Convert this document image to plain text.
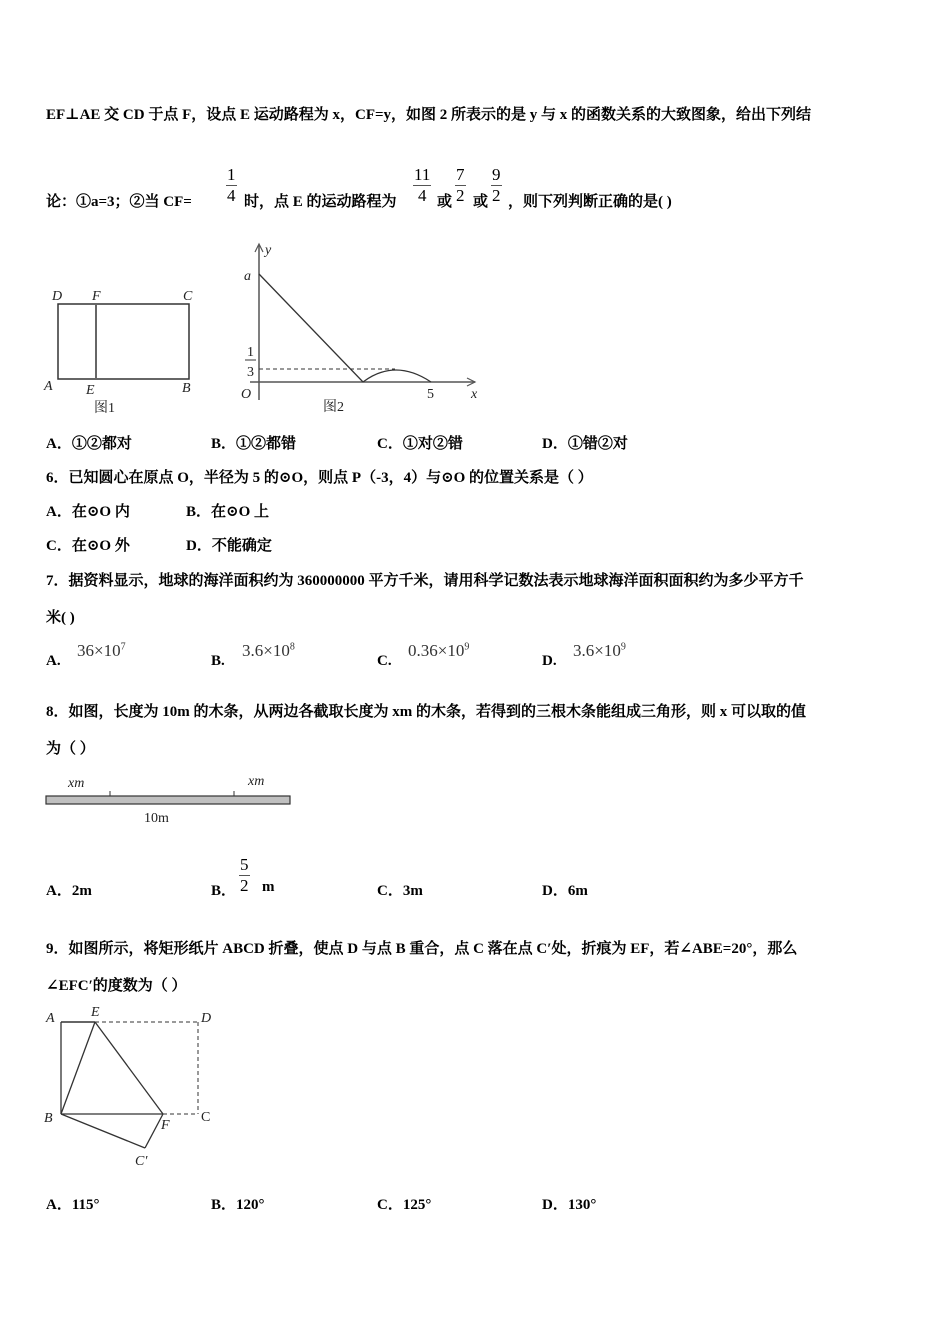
EF⊥AE 交 CD 于点 F，设点 E 运动路程为 x，CF=y，如图 2 所表示的是 y 与 x 的函数关系的大致图象，给出下列结
论：①a=3；②当 $CF= \frac{1}{4}$ 时，点 E 的运动路程为 $\frac{11}{4}$ 或 $\frac{7}{2}$ 或 $\frac{9}{2}$ ，则下列判断正确的是( )
D F	C
A E	B
图1
y
a
1
3
O	5	x
图2
A．①②都对	B．①②都错	C．①对②错	D．①错②对
6．已知圆心在原点 O，半径为 5 的⊙O，则点 P（-3，4）与⊙O 的位置关系是（ ）
A．在⊙O 内	B．在⊙O 上
C．在⊙O 外	D．不能确定
7．据资料显示，地球的海洋面积约为 360000000 平方千米，请用科学记数法表示地球海洋面积面积约为多少平方千
米( )
A.
$36\times 10^7$
B.
$3.6\times 10^8$
C.
$0.36\times 10^9$
D.
$3.6\times 10^9$
8．如图，长度为 10m 的木条，从两边各截取长度为 xm 的木条，若得到的三根木条能组成三角形，则 x 可以取的值
为（ ）
xm	xm
10m
A．2m	B． $\frac{5}{2}$ m	C．3m	D．6m
9．如图所示，将矩形纸片 ABCD 折叠，使点 D 与点 B 重合，点 C 落在点 C′处，折痕为 EF，若∠ABE=20°，那么
∠EFC′的度数为（ ）
A	E	D
B	F
C
C′
A．115°	B．120°	C．125°	D．130°
